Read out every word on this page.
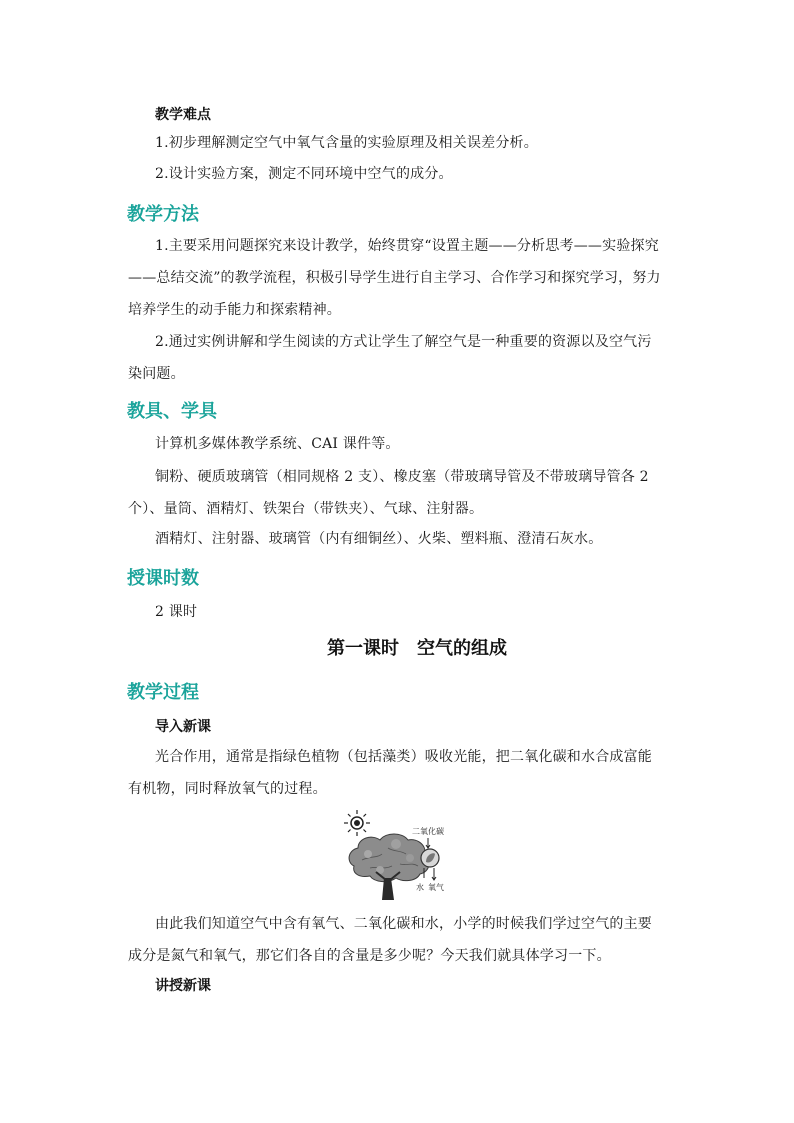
教学难点
1.初步理解测定空气中氧气含量的实验原理及相关误差分析。
2.设计实验方案，测定不同环境中空气的成分。
教学方法
1.主要采用问题探究来设计教学，始终贯穿“设置主题——分析思考——实验探究——总结交流”的教学流程，积极引导学生进行自主学习、合作学习和探究学习，努力培养学生的动手能力和探索精神。
2.通过实例讲解和学生阅读的方式让学生了解空气是一种重要的资源以及空气污染问题。
教具、学具
计算机多媒体教学系统、CAI 课件等。
铜粉、硬质玻璃管（相同规格 2 支）、橡皮塞（带玻璃导管及不带玻璃导管各 2 个）、量筒、酒精灯、铁架台（带铁夹）、气球、注射器。
酒精灯、注射器、玻璃管（内有细铜丝）、火柴、塑料瓶、澄清石灰水。
授课时数
2 课时
第一课时　空气的组成
教学过程
导入新课
光合作用，通常是指绿色植物（包括藻类）吸收光能，把二氧化碳和水合成富能有机物，同时释放氧气的过程。
二氧化碳
水 氧气
由此我们知道空气中含有氧气、二氧化碳和水，小学的时候我们学过空气的主要成分是氮气和氧气，那它们各自的含量是多少呢？今天我们就具体学习一下。
讲授新课
